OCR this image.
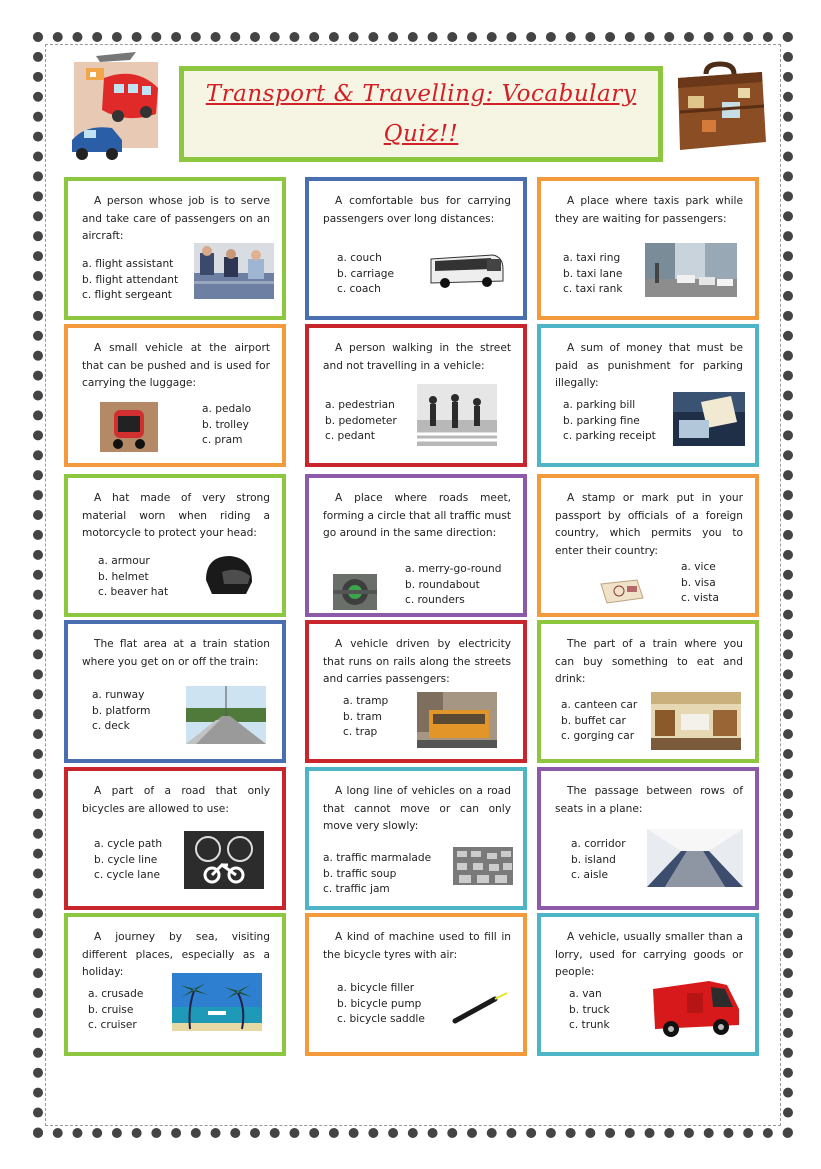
Transport & Travelling: Vocabulary
Quiz!!
A person whose job is to serve and take care of passengers on an aircraft:
a. flight assistant
b. flight attendant
c. flight sergeant
A comfortable bus for carrying passengers over long distances:
a. couch
b. carriage
c. coach
A place where taxis park while they are waiting for passengers:
a. taxi ring
b. taxi lane
c. taxi rank
A small vehicle at the airport that can be pushed and is used for carrying the luggage:
a. pedalo
b. trolley
c. pram
A person walking in the street and not travelling in a vehicle:
a. pedestrian
b. pedometer
c. pedant
A sum of money that must be paid as punishment for parking illegally:
a. parking bill
b. parking fine
c. parking receipt
A hat made of very strong material worn when riding a motorcycle to protect your head:
a. armour
b. helmet
c. beaver hat
A place where roads meet, forming a circle that all traffic must go around in the same direction:
a. merry-go-round
b. roundabout
c. rounders
A stamp or mark put in your passport by officials of a foreign country, which permits you to enter their country:
a. vice
b. visa
c. vista
The flat area at a train station where you get on or off the train:
a. runway
b. platform
c. deck
A vehicle driven by electricity that runs on rails along the streets and carries passengers:
a. tramp
b. tram
c. trap
The part of a train where you can buy something to eat and drink:
a. canteen car
b. buffet car
c. gorging car
A part of a road that only bicycles are allowed to use:
a. cycle path
b. cycle line
c. cycle lane
A long line of vehicles on a road that cannot move or can only move very slowly:
a. traffic marmalade
b. traffic soup
c. traffic jam
The passage between rows of seats in a plane:
a. corridor
b. island
c. aisle
A journey by sea, visiting different places, especially as a holiday:
a. crusade
b. cruise
c. cruiser
A kind of machine used to fill in the bicycle tyres with air:
a. bicycle filler
b. bicycle pump
c. bicycle saddle
A vehicle, usually smaller than a lorry, used for carrying goods or people:
a. van
b. truck
c. trunk
